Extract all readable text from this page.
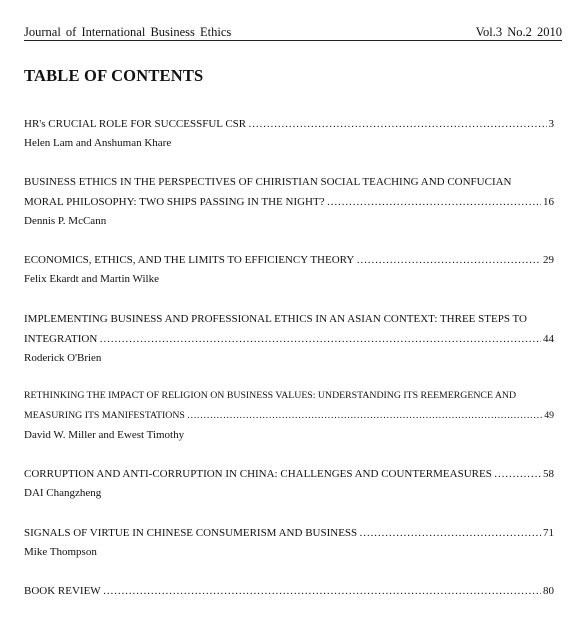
Journal of International Business Ethics	Vol.3 No.2 2010
TABLE OF CONTENTS
HR's CRUCIAL ROLE FOR SUCCESSFUL CSR ……………………………………………………………………………………………………………………………………………………………………………………………………………………………………	3
Helen Lam and Anshuman Khare
BUSINESS ETHICS IN THE PERSPECTIVES OF CHIRISTIAN SOCIAL TEACHING AND CONFUCIAN
MORAL PHILOSOPHY: TWO SHIPS PASSING IN THE NIGHT? ……………………………………………………………………………………………………………………………………………………………………………………………………………………………………	16
Dennis P. McCann
ECONOMICS, ETHICS, AND THE LIMITS TO EFFICIENCY THEORY ……………………………………………………………………………………………………………………………………………………………………………………………………………………………………	29
Felix Ekardt and Martin Wilke
IMPLEMENTING BUSINESS AND PROFESSIONAL ETHICS IN AN ASIAN CONTEXT: THREE STEPS TO
INTEGRATION ……………………………………………………………………………………………………………………………………………………………………………………………………………………………………	44
Roderick O'Brien
RETHINKING THE IMPACT OF RELIGION ON BUSINESS VALUES: UNDERSTANDING ITS REEMERGENCE AND
MEASURING ITS MANIFESTATIONS ……………………………………………………………………………………………………………………………………………………………………………………………………………………………………	49
David W. Miller and Ewest Timothy
CORRUPTION AND ANTI-CORRUPTION IN CHINA: CHALLENGES AND COUNTERMEASURES ……………………………………………………………………………………………………………………………………………………………………………………………………………………………………	58
DAI Changzheng
SIGNALS OF VIRTUE IN CHINESE CONSUMERISM AND BUSINESS ……………………………………………………………………………………………………………………………………………………………………………………………………………………………………	71
Mike Thompson
BOOK REVIEW ……………………………………………………………………………………………………………………………………………………………………………………………………………………………………	80
